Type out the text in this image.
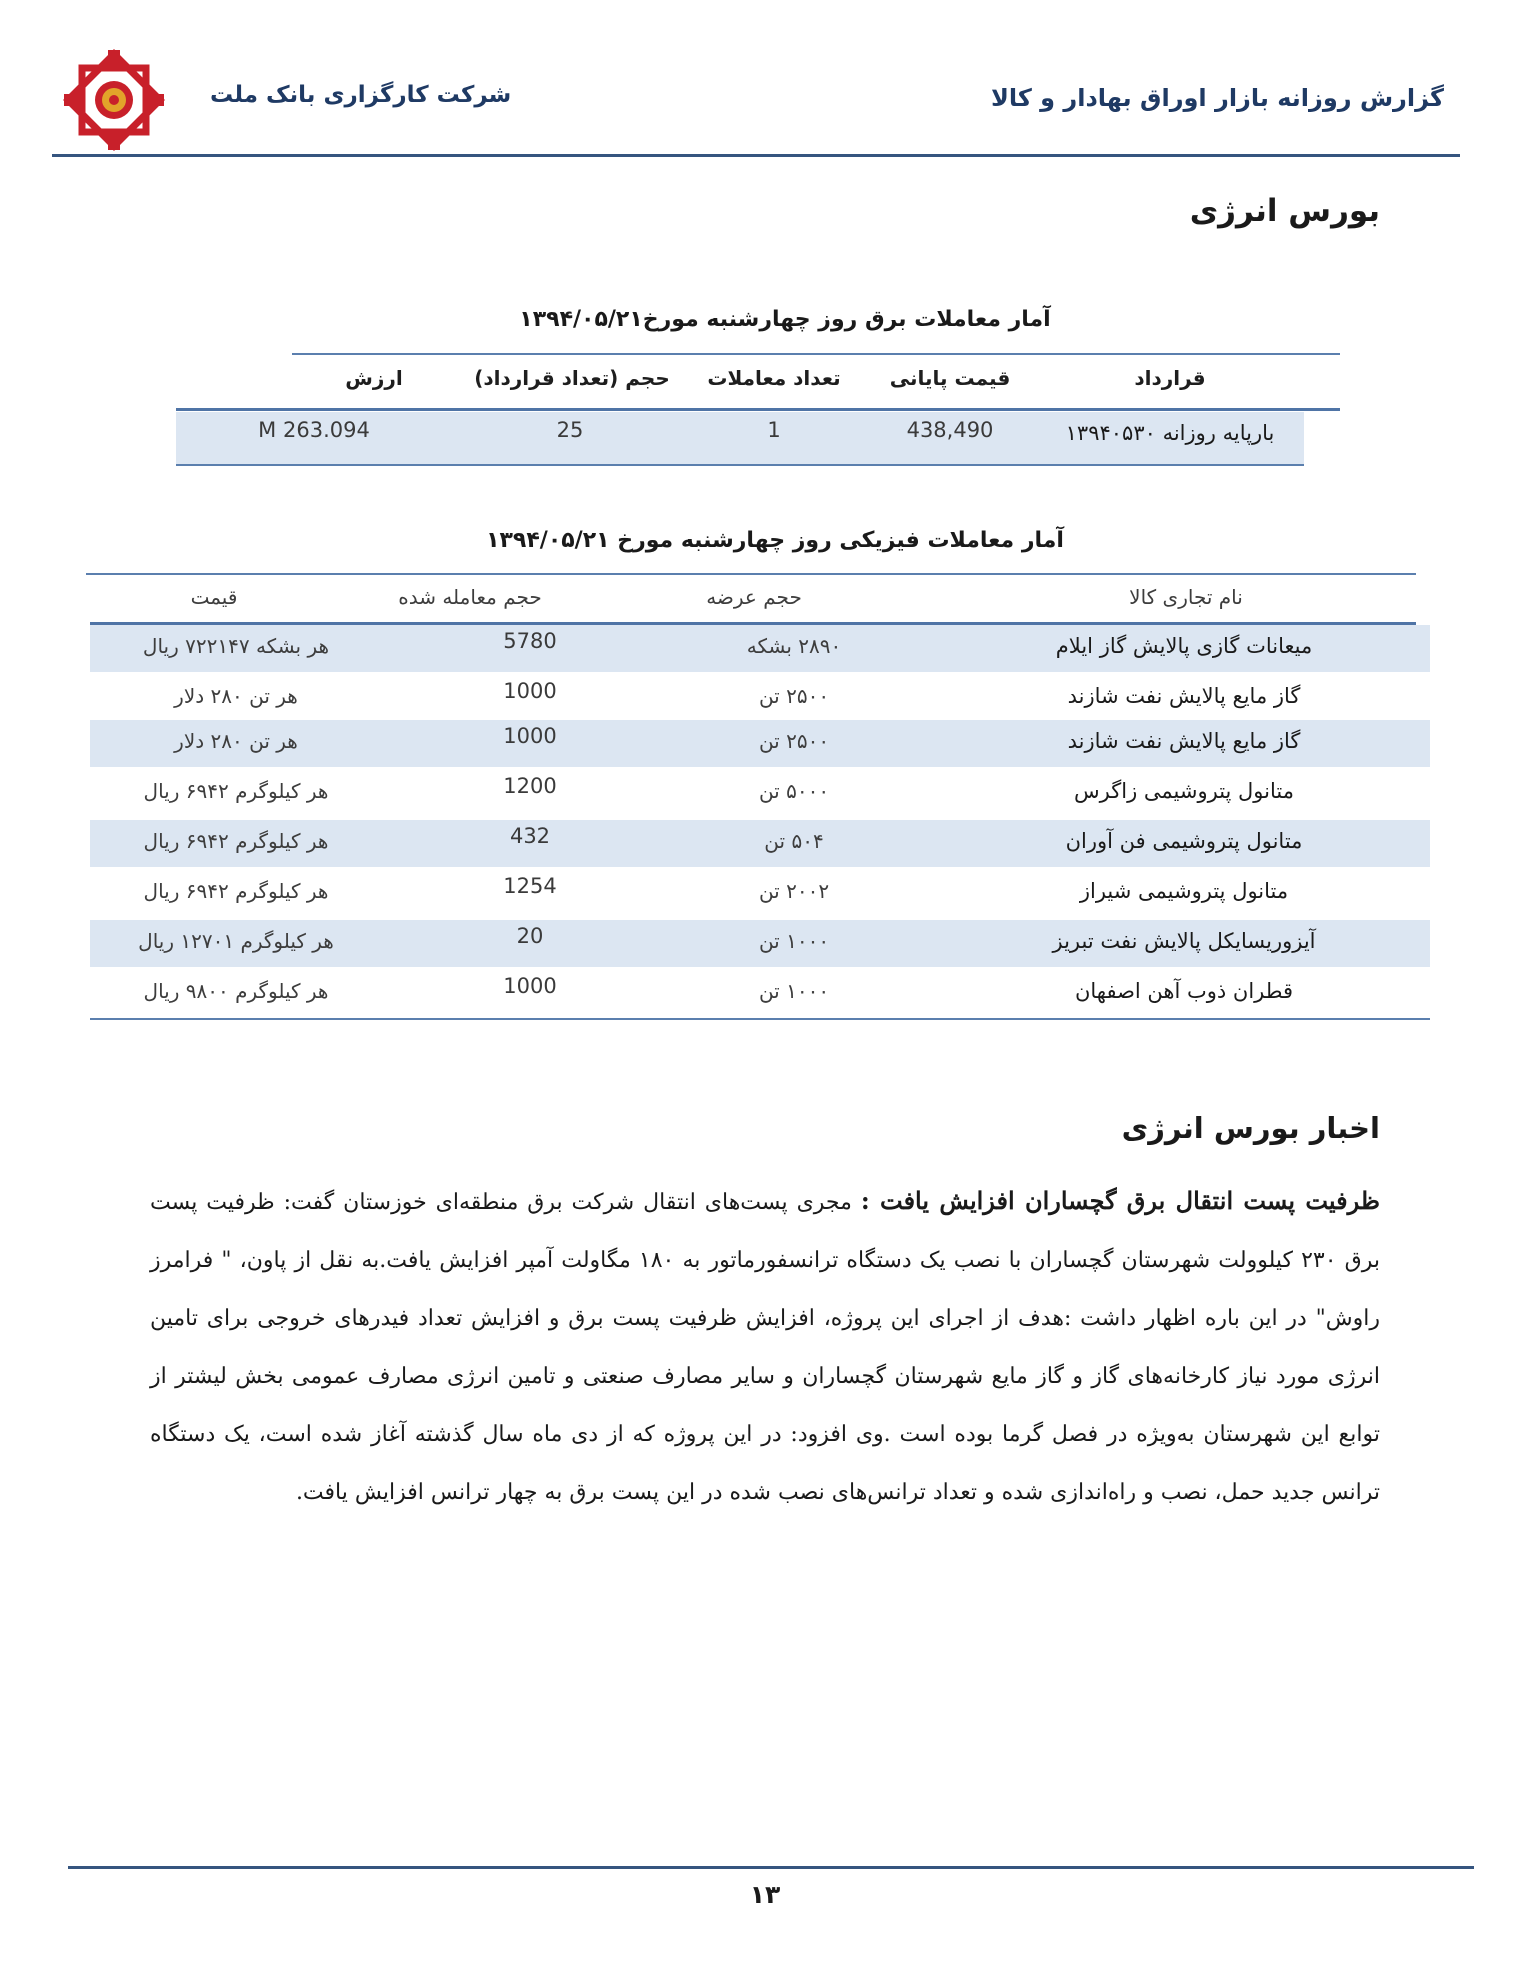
شرکت کارگزاری بانک ملت	گزارش روزانه بازار اوراق بهادار و کالا
بورس انرژی
آمار معاملات برق روز چهارشنبه مورخ۱۳۹۴/۰۵/۲۱
قرارداد
قیمت پایانی
تعداد معاملات
حجم (تعداد قرارداد)
ارزش
بارپایه روزانه ۱۳۹۴۰۵۳۰
438,490
1
25
263.094 M
آمار معاملات فیزیکی روز چهارشنبه مورخ ۱۳۹۴/۰۵/۲۱
نام تجاری کالا
حجم عرضه
حجم معامله شده
قیمت
میعانات گازی پالایش گاز ایلام
۲۸۹۰ بشکه
5780
هر بشکه ۷۲۲۱۴۷ ریال
گاز مایع پالایش نفت شازند
۲۵۰۰ تن
1000
هر تن ۲۸۰ دلار
گاز مایع پالایش نفت شازند
۲۵۰۰ تن
1000
هر تن ۲۸۰ دلار
متانول پتروشیمی زاگرس
۵۰۰۰ تن
1200
هر کیلوگرم ۶۹۴۲ ریال
متانول پتروشیمی فن آوران
۵۰۴ تن
432
هر کیلوگرم ۶۹۴۲ ریال
متانول پتروشیمی شیراز
۲۰۰۲ تن
1254
هر کیلوگرم ۶۹۴۲ ریال
آیزوریسایکل پالایش نفت تبریز
۱۰۰۰ تن
20
هر کیلوگرم ۱۲۷۰۱ ریال
قطران ذوب آهن اصفهان
۱۰۰۰ تن
1000
هر کیلوگرم ۹۸۰۰ ریال
اخبار بورس انرژی
ظرفیت پست انتقال برق گچساران افزایش یافت : مجری پست‌های انتقال شرکت برق منطقه‌ای خوزستان گفت: ظرفیت پست برق ۲۳۰ کیلوولت شهرستان گچساران با نصب یک دستگاه ترانسفورماتور به ۱۸۰ مگاولت آمپر افزایش یافت.به نقل از پاون، " فرامرز راوش" در این باره اظهار داشت :هدف از اجرای این پروژه، افزایش ظرفیت پست برق و افزایش تعداد فیدرهای خروجی برای تامین انرژی مورد نیاز کارخانه‌های گاز و گاز مایع شهرستان گچساران و سایر مصارف صنعتی و تامین انرژی مصارف عمومی بخش لیشتر از توابع این شهرستان به‌ویژه در فصل گرما بوده است .وی افزود: در این پروژه که از دی ماه سال گذشته آغاز شده است، یک دستگاه ترانس جدید حمل، نصب و راه‌اندازی شده و تعداد ترانس‌های نصب شده در این پست برق به چهار ترانس افزایش یافت.
۱۳
